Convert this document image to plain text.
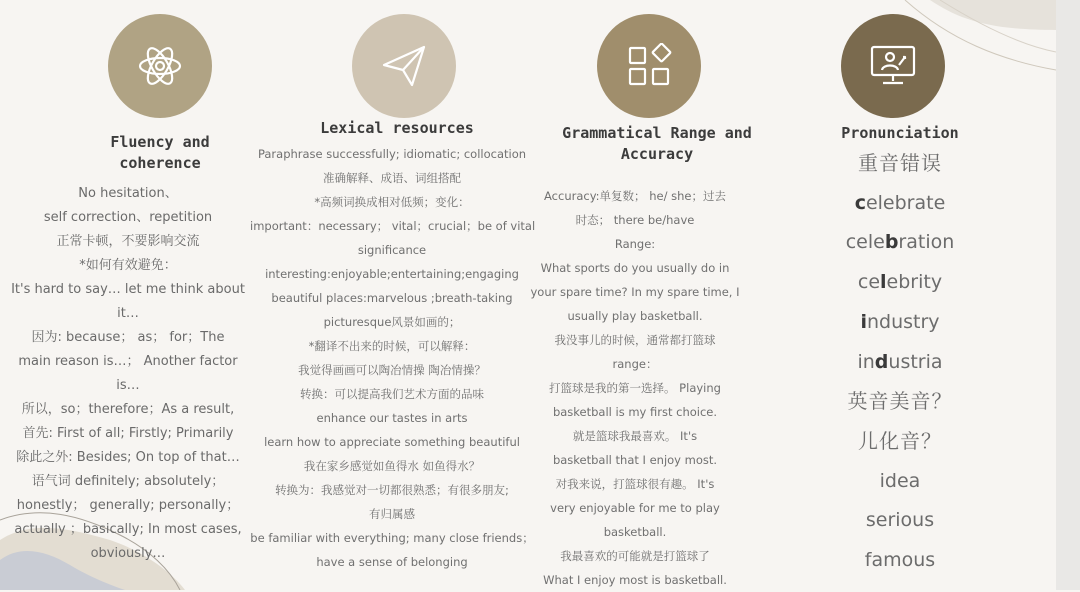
Fluency and
coherence
No hesitation、
self correction、repetition
正常卡顿，不要影响交流
*如何有效避免：
It's hard to say… let me think about
it…
因为: because； as； for；The
main reason is…； Another factor
is…
所以，so；therefore；As a result,
首先: First of all; Firstly; Primarily
除此之外: Besides; On top of that…
语气词 definitely; absolutely；
honestly； generally; personally；
actually ；basically; In most cases,
obviously…
Lexical resources
Paraphrase successfully; idiomatic; collocation
准确解释、成语、词组搭配
*高频词换成相对低频；变化：
important：necessary； vital；crucial；be of vital
significance
interesting:enjoyable;entertaining;engaging
beautiful places:marvelous ;breath-taking
picturesque风景如画的；
*翻译不出来的时候，可以解释：
我觉得画画可以陶冶情操 陶冶情操？
转换：可以提高我们艺术方面的品味
enhance our tastes in arts
learn how to appreciate something beautiful
我在家乡感觉如鱼得水 如鱼得水？
转换为：我感觉对一切都很熟悉；有很多朋友;
有归属感
be familiar with everything; many close friends；
have a sense of belonging
Grammatical Range and
Accuracy
Accuracy:单复数； he/ she；过去
时态； there be/have
Range:
What sports do you usually do in
your spare time? In my spare time, I
usually play basketball.
我没事儿的时候，通常都打篮球
range：
打篮球是我的第一选择。 Playing
basketball is my first choice.
就是篮球我最喜欢。 It's
basketball that I enjoy most.
对我来说，打篮球很有趣。 It's
very enjoyable for me to play
basketball.
我最喜欢的可能就是打篮球了
What I enjoy most is basketball.
Pronunciation
重音错误
celebrate
celebration
celebrity
industry
industria
英音美音？
儿化音？
idea
serious
famous
